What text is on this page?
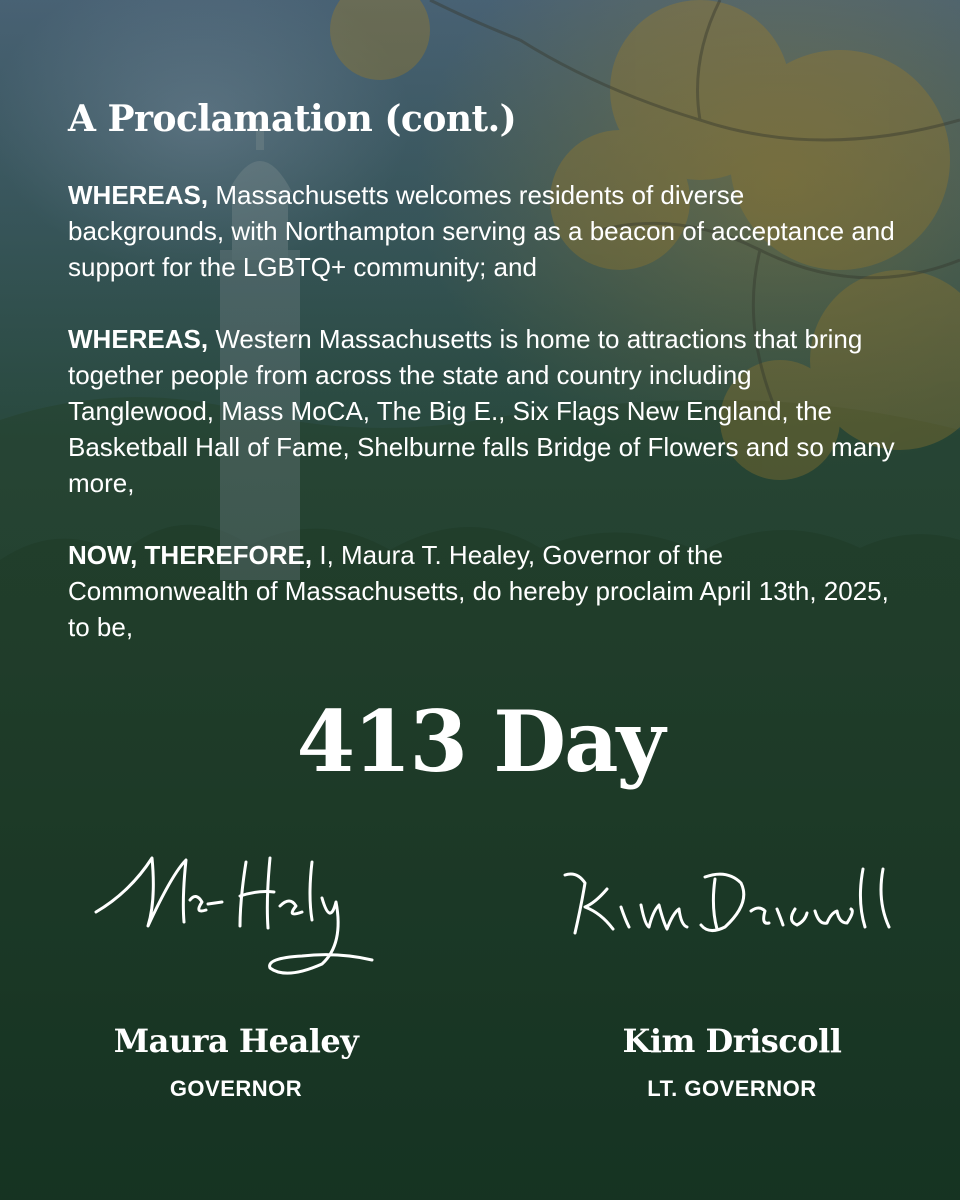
A Proclamation (cont.)

WHEREAS, Massachusetts welcomes residents of diverse backgrounds, with Northampton serving as a beacon of acceptance and support for the LGBTQ+ community; and

WHEREAS, Western Massachusetts is home to attractions that bring together people from across the state and country including Tanglewood, Mass MoCA, The Big E., Six Flags New England, the Basketball Hall of Fame, Shelburne falls Bridge of Flowers and so many more,

NOW, THEREFORE, I, Maura T. Healey, Governor of the Commonwealth of Massachusetts, do hereby proclaim April 13th, 2025, to be,

413 Day
Maura Healey
GOVERNOR
Kim Driscoll
LT. GOVERNOR
